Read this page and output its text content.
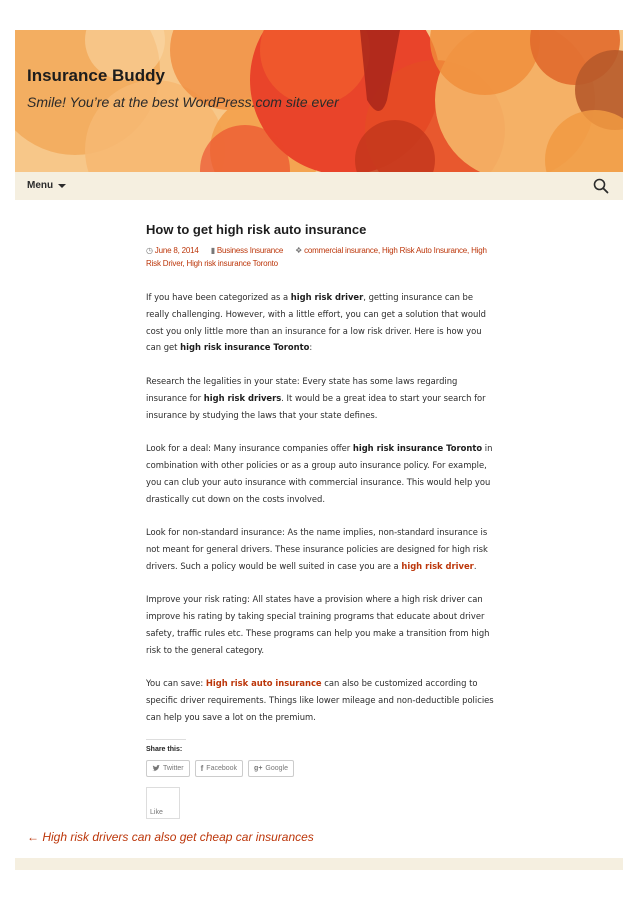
Insurance Buddy

Smile! You’re at the best WordPress.com site ever

Menu
How to get high risk auto insurance
◷ June 8, 2014 ▮ Business Insurance ❖ commercial insurance, High Risk Auto Insurance, High Risk Driver, High risk insurance Toronto

If you have been categorized as a high risk driver, getting insurance can be really challenging. However, with a little effort, you can get a solution that would cost you only little more than an insurance for a low risk driver. Here is how you can get high risk insurance Toronto:

Research the legalities in your state: Every state has some laws regarding insurance for high risk drivers. It would be a great idea to start your search for insurance by studying the laws that your state defines.

Look for a deal: Many insurance companies offer high risk insurance Toronto in combination with other policies or as a group auto insurance policy. For example, you can club your auto insurance with commercial insurance. This would help you drastically cut down on the costs involved.

Look for non-standard insurance: As the name implies, non-standard insurance is not meant for general drivers. These insurance policies are designed for high risk drivers. Such a policy would be well suited in case you are a high risk driver.

Improve your risk rating: All states have a provision where a high risk driver can improve his rating by taking special training programs that educate about driver safety, traffic rules etc. These programs can help you make a transition from high risk to the general category.

You can save: High risk auto insurance can also be customized according to specific driver requirements. Things like lower mileage and non-deductible policies can help you save a lot on the premium.

Share this:
Twitter f Facebook g+ Google
Like
← High risk drivers can also get cheap car insurances
